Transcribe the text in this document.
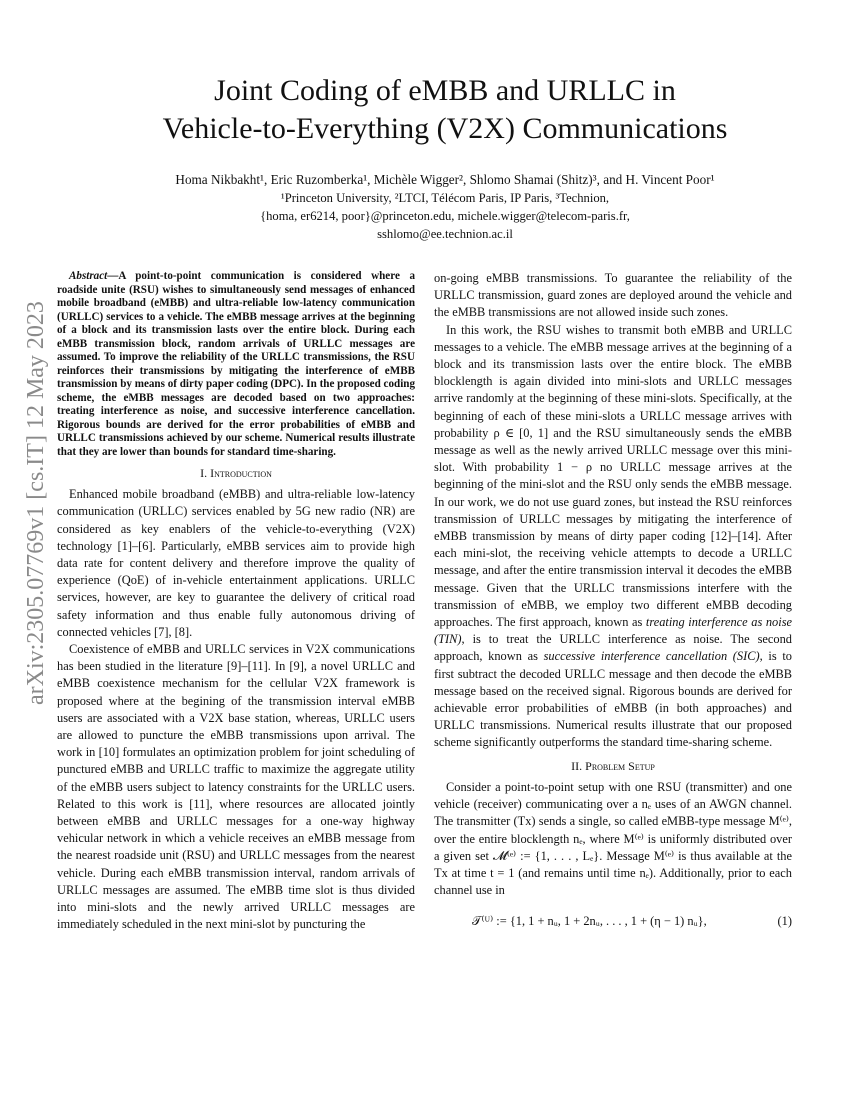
arXiv:2305.07769v1 [cs.IT] 12 May 2023
Joint Coding of eMBB and URLLC in
Vehicle-to-Everything (V2X) Communications
Homa Nikbakht¹, Eric Ruzomberka¹, Michèle Wigger², Shlomo Shamai (Shitz)³, and H. Vincent Poor¹
¹Princeton University, ²LTCI, Télécom Paris, IP Paris, ³Technion,
{homa, er6214, poor}@princeton.edu, michele.wigger@telecom-paris.fr,
sshlomo@ee.technion.ac.il

Abstract—A point-to-point communication is considered where a roadside unite (RSU) wishes to simultaneously send messages of enhanced mobile broadband (eMBB) and ultra-reliable low-latency communication (URLLC) services to a vehicle. The eMBB message arrives at the beginning of a block and its transmission lasts over the entire block. During each eMBB transmission block, random arrivals of URLLC messages are assumed. To improve the reliability of the URLLC transmissions, the RSU reinforces their transmissions by mitigating the interference of eMBB transmission by means of dirty paper coding (DPC). In the proposed coding scheme, the eMBB messages are decoded based on two approaches: treating interference as noise, and successive interference cancellation. Rigorous bounds are derived for the error probabilities of eMBB and URLLC transmissions achieved by our scheme. Numerical results illustrate that they are lower than bounds for standard time-sharing.

I. Introduction

Enhanced mobile broadband (eMBB) and ultra-reliable low-latency communication (URLLC) services enabled by 5G new radio (NR) are considered as key enablers of the vehicle-to-everything (V2X) technology [1]–[6]. Particularly, eMBB services aim to provide high data rate for content delivery and therefore improve the quality of experience (QoE) of in-vehicle entertainment applications. URLLC services, however, are key to guarantee the delivery of critical road safety information and thus enable fully autonomous driving of connected vehicles [7], [8].

Coexistence of eMBB and URLLC services in V2X communications has been studied in the literature [9]–[11]. In [9], a novel URLLC and eMBB coexistence mechanism for the cellular V2X framework is proposed where at the begining of the transmission interval eMBB users are associated with a V2X base station, whereas, URLLC users are allowed to puncture the eMBB transmissions upon arrival. The work in [10] formulates an optimization problem for joint scheduling of punctured eMBB and URLLC traffic to maximize the aggregate utility of the eMBB users subject to latency constraints for the URLLC users. Related to this work is [11], where resources are allocated jointly between eMBB and URLLC messages for a one-way highway vehicular network in which a vehicle receives an eMBB message from the nearest roadside unit (RSU) and URLLC messages from the nearest vehicle. During each eMBB transmission interval, random arrivals of URLLC messages are assumed. The eMBB time slot is thus divided into mini-slots and the newly arrived URLLC messages are immediately scheduled in the next mini-slot by puncturing the

on-going eMBB transmissions. To guarantee the reliability of the URLLC transmission, guard zones are deployed around the vehicle and the eMBB transmissions are not allowed inside such zones.

In this work, the RSU wishes to transmit both eMBB and URLLC messages to a vehicle. The eMBB message arrives at the beginning of a block and its transmission lasts over the entire block. The eMBB blocklength is again divided into mini-slots and URLLC messages arrive randomly at the beginning of these mini-slots. Specifically, at the beginning of each of these mini-slots a URLLC message arrives with probability ρ ∈ [0, 1] and the RSU simultaneously sends the eMBB message as well as the newly arrived URLLC message over this mini-slot. With probability 1 − ρ no URLLC message arrives at the beginning of the mini-slot and the RSU only sends the eMBB message. In our work, we do not use guard zones, but instead the RSU reinforces transmission of URLLC messages by mitigating the interference of eMBB transmission by means of dirty paper coding [12]–[14]. After each mini-slot, the receiving vehicle attempts to decode a URLLC message, and after the entire transmission interval it decodes the eMBB message. Given that the URLLC transmissions interfere with the transmission of eMBB, we employ two different eMBB decoding approaches. The first approach, known as treating interference as noise (TIN), is to treat the URLLC interference as noise. The second approach, known as successive interference cancellation (SIC), is to first subtract the decoded URLLC message and then decode the eMBB message based on the received signal. Rigorous bounds are derived for achievable error probabilities of eMBB (in both approaches) and URLLC transmissions. Numerical results illustrate that our proposed scheme significantly outperforms the standard time-sharing scheme.

II. Problem Setup

Consider a point-to-point setup with one RSU (transmitter) and one vehicle (receiver) communicating over a nₑ uses of an AWGN channel. The transmitter (Tx) sends a single, so called eMBB-type message M⁽ᵉ⁾, over the entire blocklength nₑ, where M⁽ᵉ⁾ is uniformly distributed over a given set 𝓜⁽ᵉ⁾ := {1, . . . , Lₑ}. Message M⁽ᵉ⁾ is thus available at the Tx at time t = 1 (and remains until time nₑ). Additionally, prior to each channel use in

𝒯⁽ᵁ⁾ := {1, 1 + nᵤ, 1 + 2nᵤ, . . . , 1 + (η − 1) nᵤ},	(1)
